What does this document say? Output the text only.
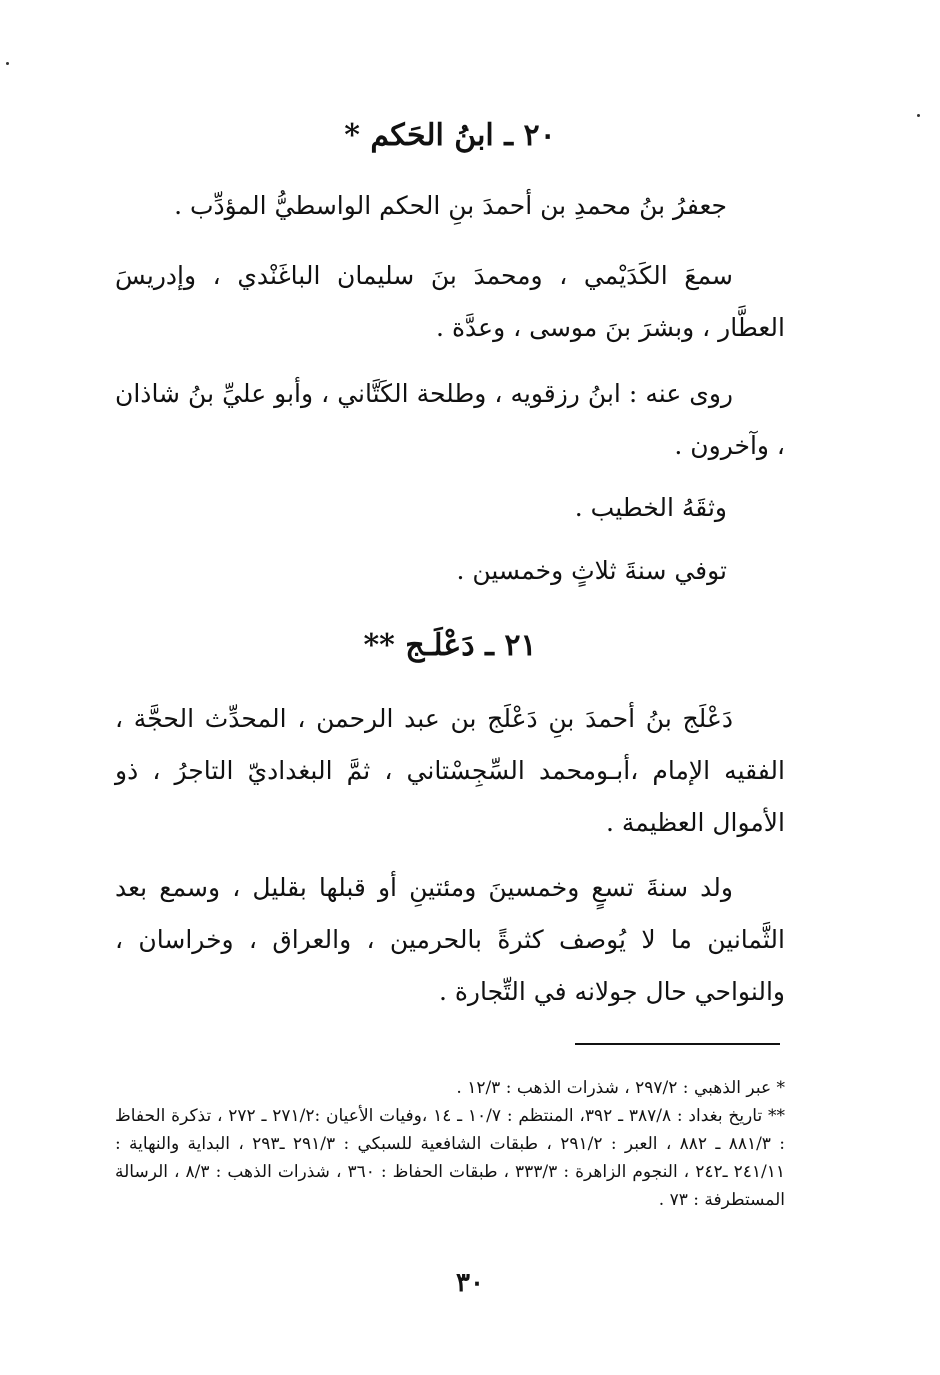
٢٠ ـ ابنُ الحَكم *
جعفرُ بنُ محمدِ بن أحمدَ بنِ الحكم الواسطيُّ المؤدِّب .
سمعَ الكَدَيْمي ، ومحمدَ بنَ سليمان الباغَنْدي ، وإدريسَ العطَّار ، وبشرَ بنَ موسى ، وعدَّة .
روى عنه : ابنُ رزقويه ، وطلحة الكَتَّاني ، وأبو عليِّ بنُ شاذان ، وآخرون .
وثقَهُ الخطيب .
توفي سنةَ ثلاثٍ وخمسين .
٢١ ـ دَعْلَـج **
دَعْلَج بنُ أحمدَ بنِ دَعْلَج بن عبد الرحمن ، المحدِّث الحجَّة ، الفقيه الإمام ،أبـومحمد السِّجِسْتاني ، ثمَّ البغداديّ التاجرُ ، ذو الأموال العظيمة .
ولد سنةَ تسعٍ وخمسينَ ومئتينِ أو قبلها بقليل ، وسمع بعد الثَّمانين ما لا يُوصف كثرةً بالحرمين ، والعراق ، وخراسان ، والنواحي حال جولانه في التِّجارة .

* عبر الذهبي : ٢٩٧/٢ ، شذرات الذهب : ١٢/٣ .

** تاريخ بغداد : ٣٨٧/٨ ـ ٣٩٢، المنتظم : ١٠/٧ ـ ١٤ ،وفيات الأعيان :٢٧١/٢ ـ ٢٧٢ ، تذكرة الحفاظ : ٨٨١/٣ ـ ٨٨٢ ، العبر : ٢٩١/٢ ، طبقات الشافعية للسبكي : ٢٩١/٣ ـ٢٩٣ ، البداية والنهاية : ٢٤١/١١ ـ٢٤٢ ، النجوم الزاهرة : ٣٣٣/٣ ، طبقات الحفاظ : ٣٦٠ ، شذرات الذهب : ٨/٣ ، الرسالة المستطرفة : ٧٣ .

٣٠
